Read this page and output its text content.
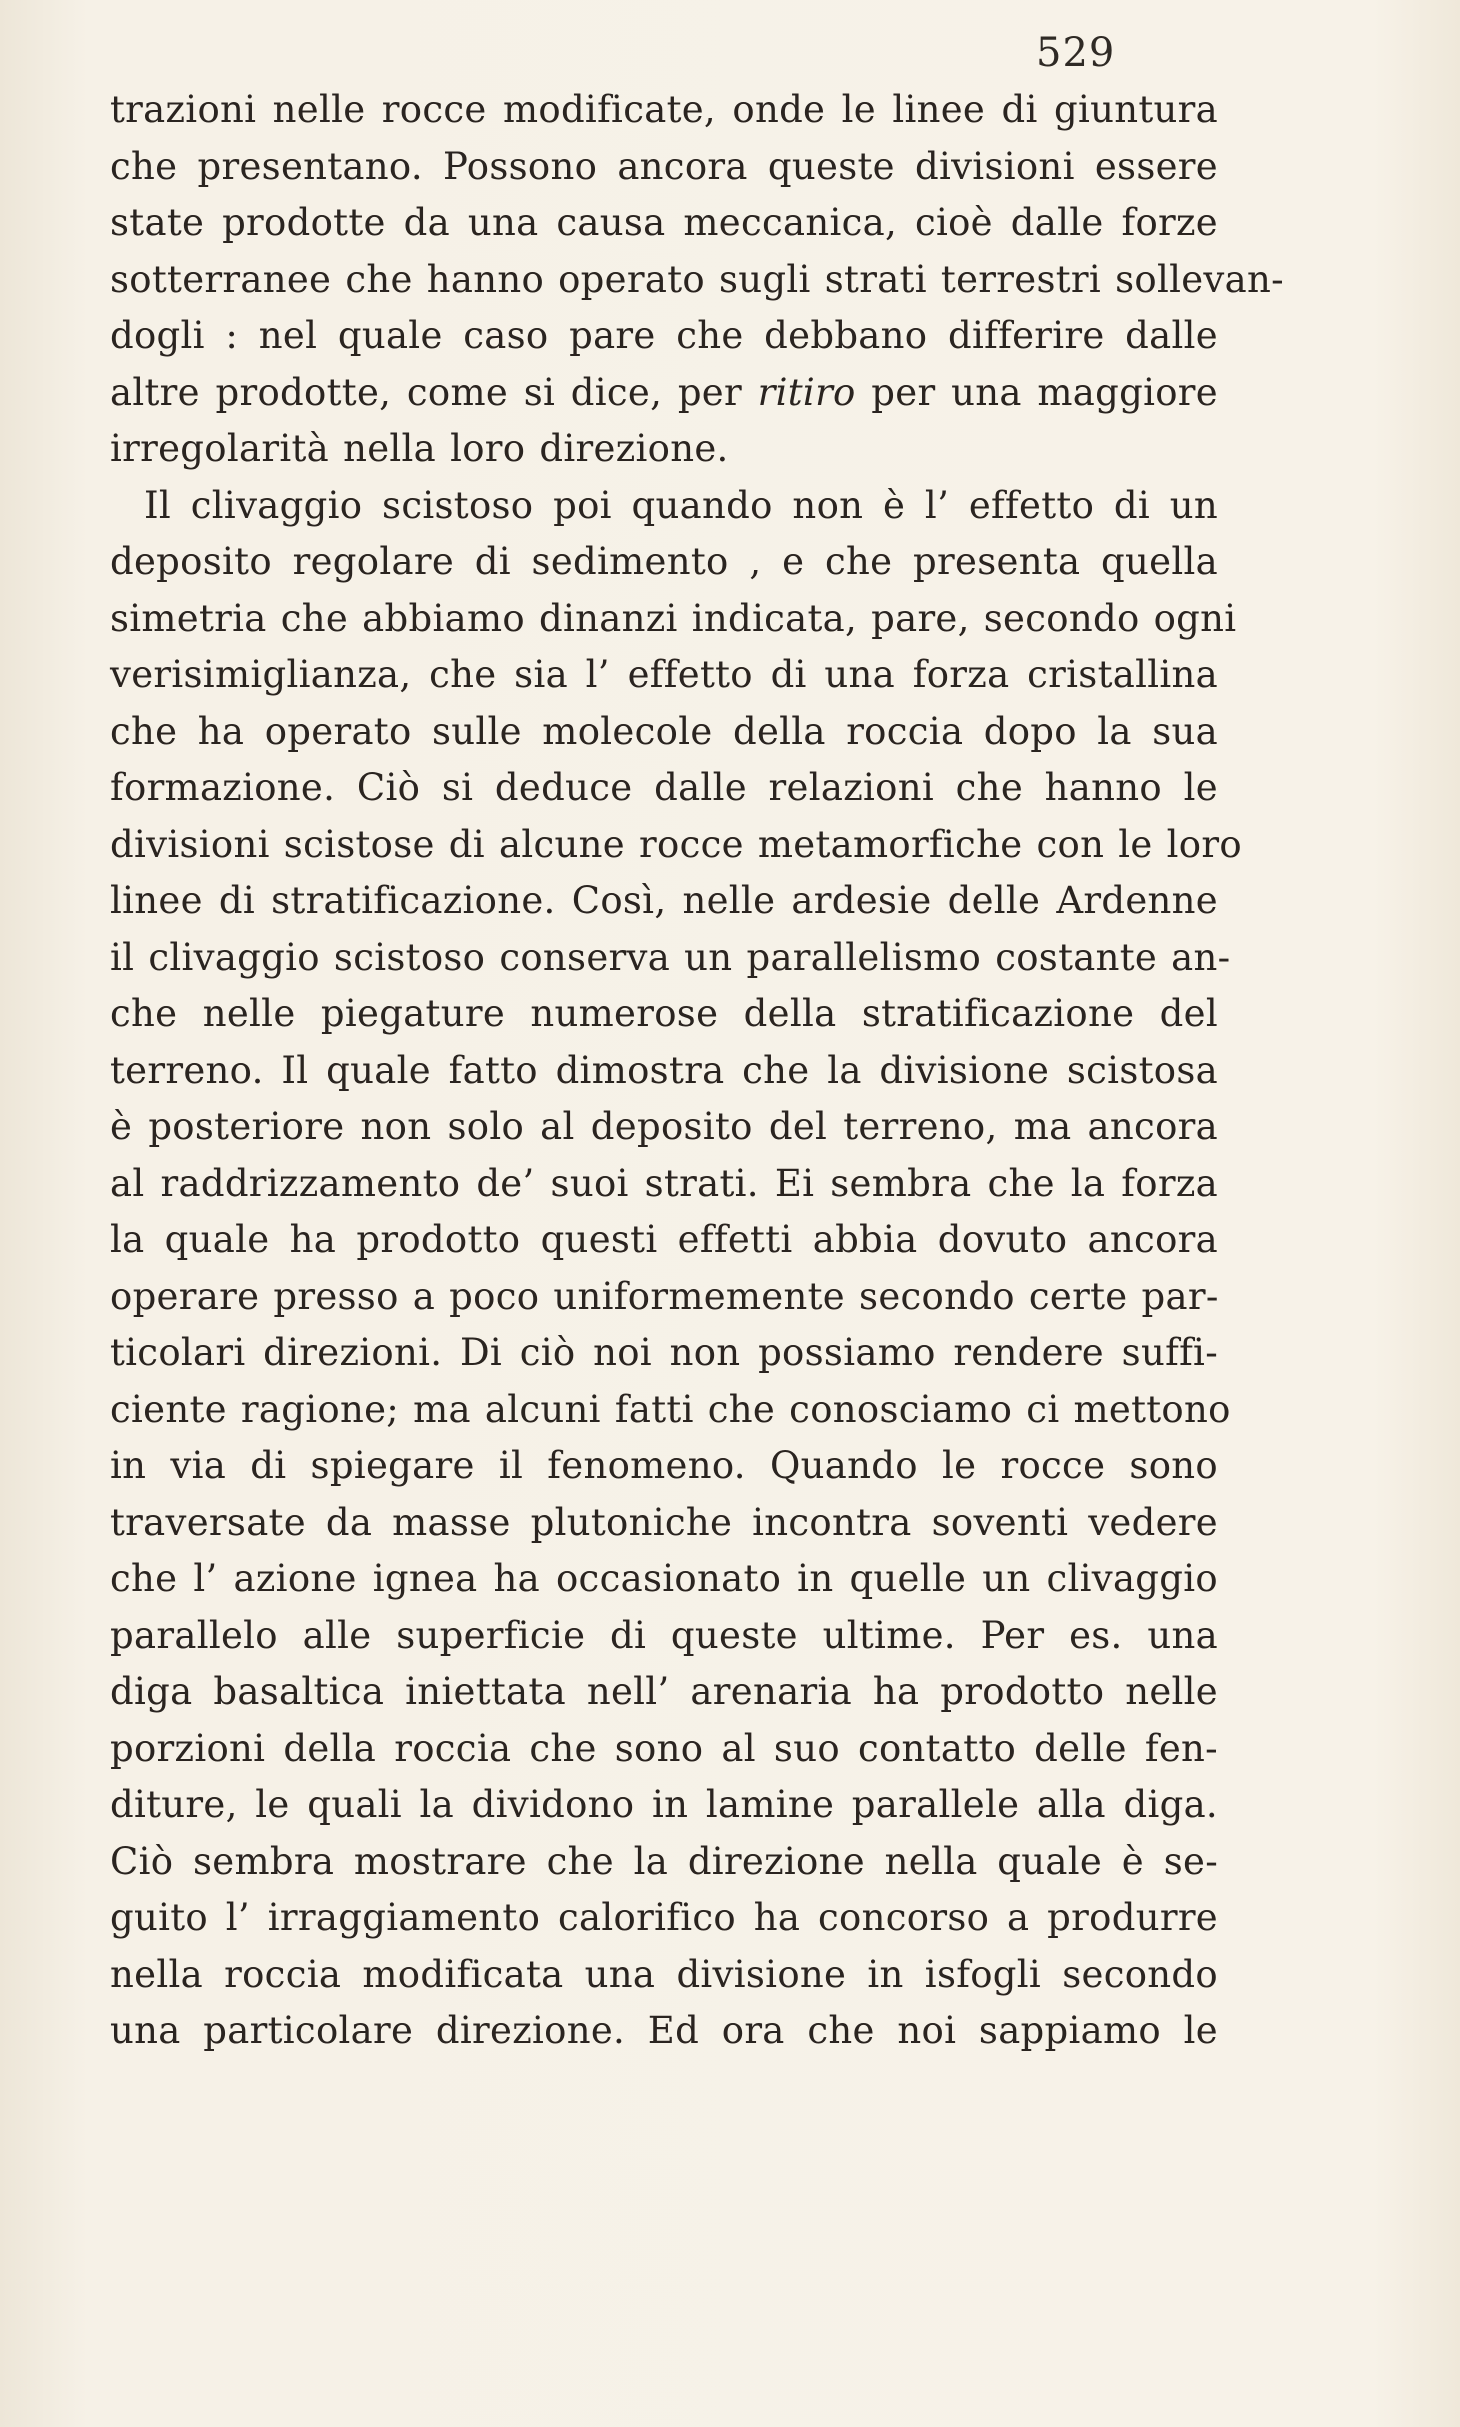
529
trazioni nelle rocce modificate, onde le linee di giuntura
che presentano. Possono ancora queste divisioni essere
state prodotte da una causa meccanica, cioè dalle forze
sotterranee che hanno operato sugli strati terrestri sollevan-
dogli : nel quale caso pare che debbano differire dalle
altre prodotte, come si dice, per ritiro per una maggiore
irregolarità nella loro direzione.
Il clivaggio scistoso poi quando non è l’ effetto di un
deposito regolare di sedimento , e che presenta quella
simetria che abbiamo dinanzi indicata, pare, secondo ogni
verisimiglianza, che sia l’ effetto di una forza cristallina
che ha operato sulle molecole della roccia dopo la sua
formazione. Ciò si deduce dalle relazioni che hanno le
divisioni scistose di alcune rocce metamorfiche con le loro
linee di stratificazione. Così, nelle ardesie delle Ardenne
il clivaggio scistoso conserva un parallelismo costante an-
che nelle piegature numerose della stratificazione del
terreno. Il quale fatto dimostra che la divisione scistosa
è posteriore non solo al deposito del terreno, ma ancora
al raddrizzamento de’ suoi strati. Ei sembra che la forza
la quale ha prodotto questi effetti abbia dovuto ancora
operare presso a poco uniformemente secondo certe par-
ticolari direzioni. Di ciò noi non possiamo rendere suffi-
ciente ragione; ma alcuni fatti che conosciamo ci mettono
in via di spiegare il fenomeno. Quando le rocce sono
traversate da masse plutoniche incontra soventi vedere
che l’ azione ignea ha occasionato in quelle un clivaggio
parallelo alle superficie di queste ultime. Per es. una
diga basaltica iniettata nell’ arenaria ha prodotto nelle
porzioni della roccia che sono al suo contatto delle fen-
diture, le quali la dividono in lamine parallele alla diga.
Ciò sembra mostrare che la direzione nella quale è se-
guito l’ irraggiamento calorifico ha concorso a produrre
nella roccia modificata una divisione in isfogli secondo
una particolare direzione. Ed ora che noi sappiamo le
